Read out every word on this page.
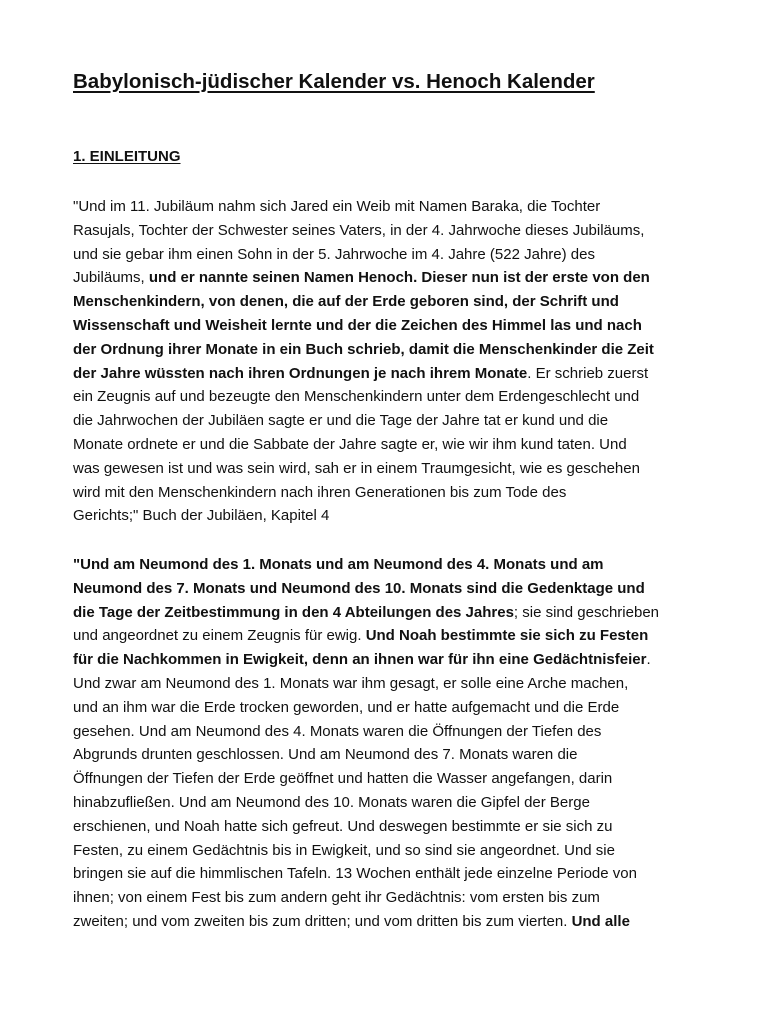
Babylonisch-jüdischer Kalender vs. Henoch Kalender
1. EINLEITUNG
"Und im 11. Jubiläum nahm sich Jared ein Weib mit Namen Baraka, die Tochter
Rasujals, Tochter der Schwester seines Vaters, in der 4. Jahrwoche dieses Jubiläums,
und sie gebar ihm einen Sohn in der 5. Jahrwoche im 4. Jahre (522 Jahre) des
Jubiläums, und er nannte seinen Namen Henoch. Dieser nun ist der erste von den
Menschenkindern, von denen, die auf der Erde geboren sind, der Schrift und
Wissenschaft und Weisheit lernte und der die Zeichen des Himmel las und nach
der Ordnung ihrer Monate in ein Buch schrieb, damit die Menschenkinder die Zeit
der Jahre wüssten nach ihren Ordnungen je nach ihrem Monate. Er schrieb zuerst
ein Zeugnis auf und bezeugte den Menschenkindern unter dem Erdengeschlecht und
die Jahrwochen der Jubiläen sagte er und die Tage der Jahre tat er kund und die
Monate ordnete er und die Sabbate der Jahre sagte er, wie wir ihm kund taten. Und
was gewesen ist und was sein wird, sah er in einem Traumgesicht, wie es geschehen
wird mit den Menschenkindern nach ihren Generationen bis zum Tode des
Gerichts;" Buch der Jubiläen, Kapitel 4
"Und am Neumond des 1. Monats und am Neumond des 4. Monats und am
Neumond des 7. Monats und Neumond des 10. Monats sind die Gedenktage und
die Tage der Zeitbestimmung in den 4 Abteilungen des Jahres; sie sind geschrieben
und angeordnet zu einem Zeugnis für ewig. Und Noah bestimmte sie sich zu Festen
für die Nachkommen in Ewigkeit, denn an ihnen war für ihn eine Gedächtnisfeier.
Und zwar am Neumond des 1. Monats war ihm gesagt, er solle eine Arche machen,
und an ihm war die Erde trocken geworden, und er hatte aufgemacht und die Erde
gesehen. Und am Neumond des 4. Monats waren die Öffnungen der Tiefen des
Abgrunds drunten geschlossen. Und am Neumond des 7. Monats waren die
Öffnungen der Tiefen der Erde geöffnet und hatten die Wasser angefangen, darin
hinabzufließen. Und am Neumond des 10. Monats waren die Gipfel der Berge
erschienen, und Noah hatte sich gefreut. Und deswegen bestimmte er sie sich zu
Festen, zu einem Gedächtnis bis in Ewigkeit, und so sind sie angeordnet. Und sie
bringen sie auf die himmlischen Tafeln. 13 Wochen enthält jede einzelne Periode von
ihnen; von einem Fest bis zum andern geht ihr Gedächtnis: vom ersten bis zum
zweiten; und vom zweiten bis zum dritten; und vom dritten bis zum vierten. Und alle
